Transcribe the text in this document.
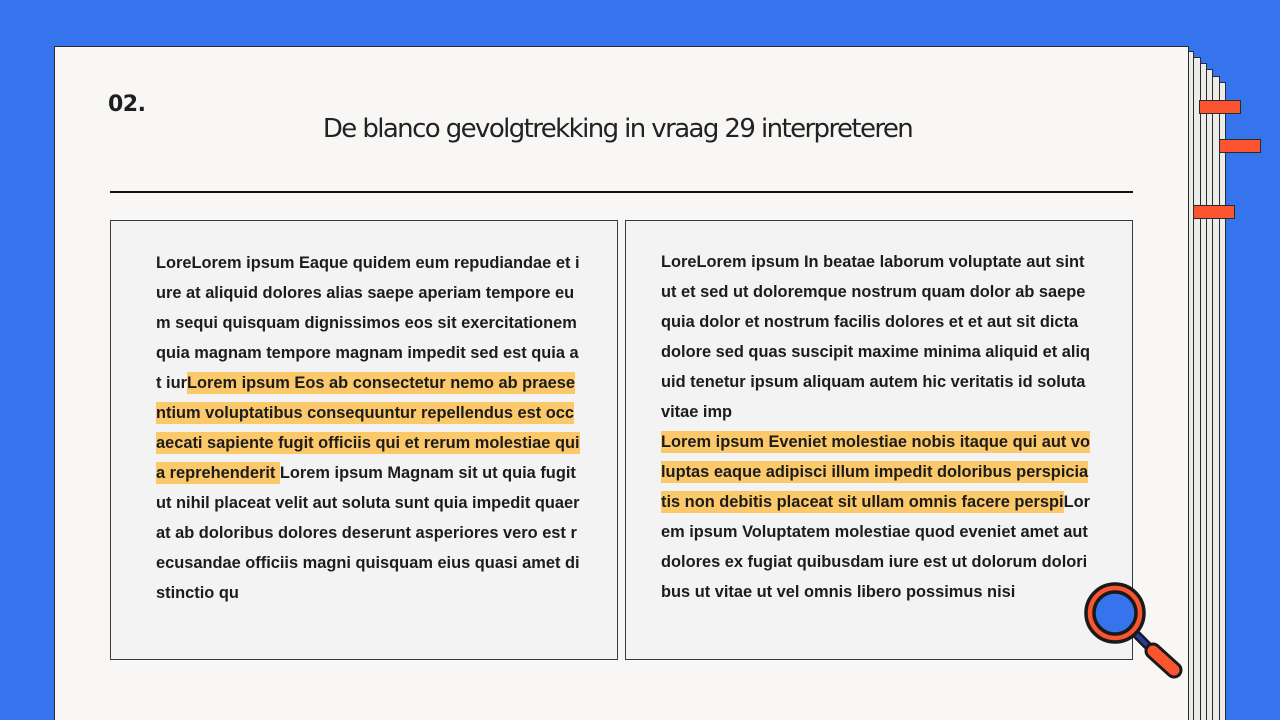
02.
De blanco gevolgtrekking in vraag 29 interpreteren
LoreLorem ipsum Eaque quidem eum repudiandae et iure at aliquid dolores alias saepe aperiam tempore eum sequi quisquam dignissimos eos sit exercitationem quia magnam tempore magnam impedit sed est quia at iurLorem ipsum Eos ab consectetur nemo ab praesentium voluptatibus consequuntur repellendus est occaecati sapiente fugit officiis qui et rerum molestiae quia reprehenderit Lorem ipsum Magnam sit ut quia fugit ut nihil placeat velit aut soluta sunt quia impedit quaerat ab doloribus dolores deserunt asperiores vero est recusandae officiis magni quisquam eius quasi amet distinctio qu
LoreLorem ipsum In beatae laborum voluptate aut sint ut et sed ut doloremque nostrum quam dolor ab saepe quia dolor et nostrum facilis dolores et et aut sit dicta dolore sed quas suscipit maxime minima aliquid et aliquid tenetur ipsum aliquam autem hic veritatis id soluta vitae imp
Lorem ipsum Eveniet molestiae nobis itaque qui aut voluptas eaque adipisci illum impedit doloribus perspiciatis non debitis placeat sit ullam omnis facere perspiLorem ipsum Voluptatem molestiae quod eveniet amet aut dolores ex fugiat quibusdam iure est ut dolorum doloribus ut vitae ut vel omnis libero possimus nisi
